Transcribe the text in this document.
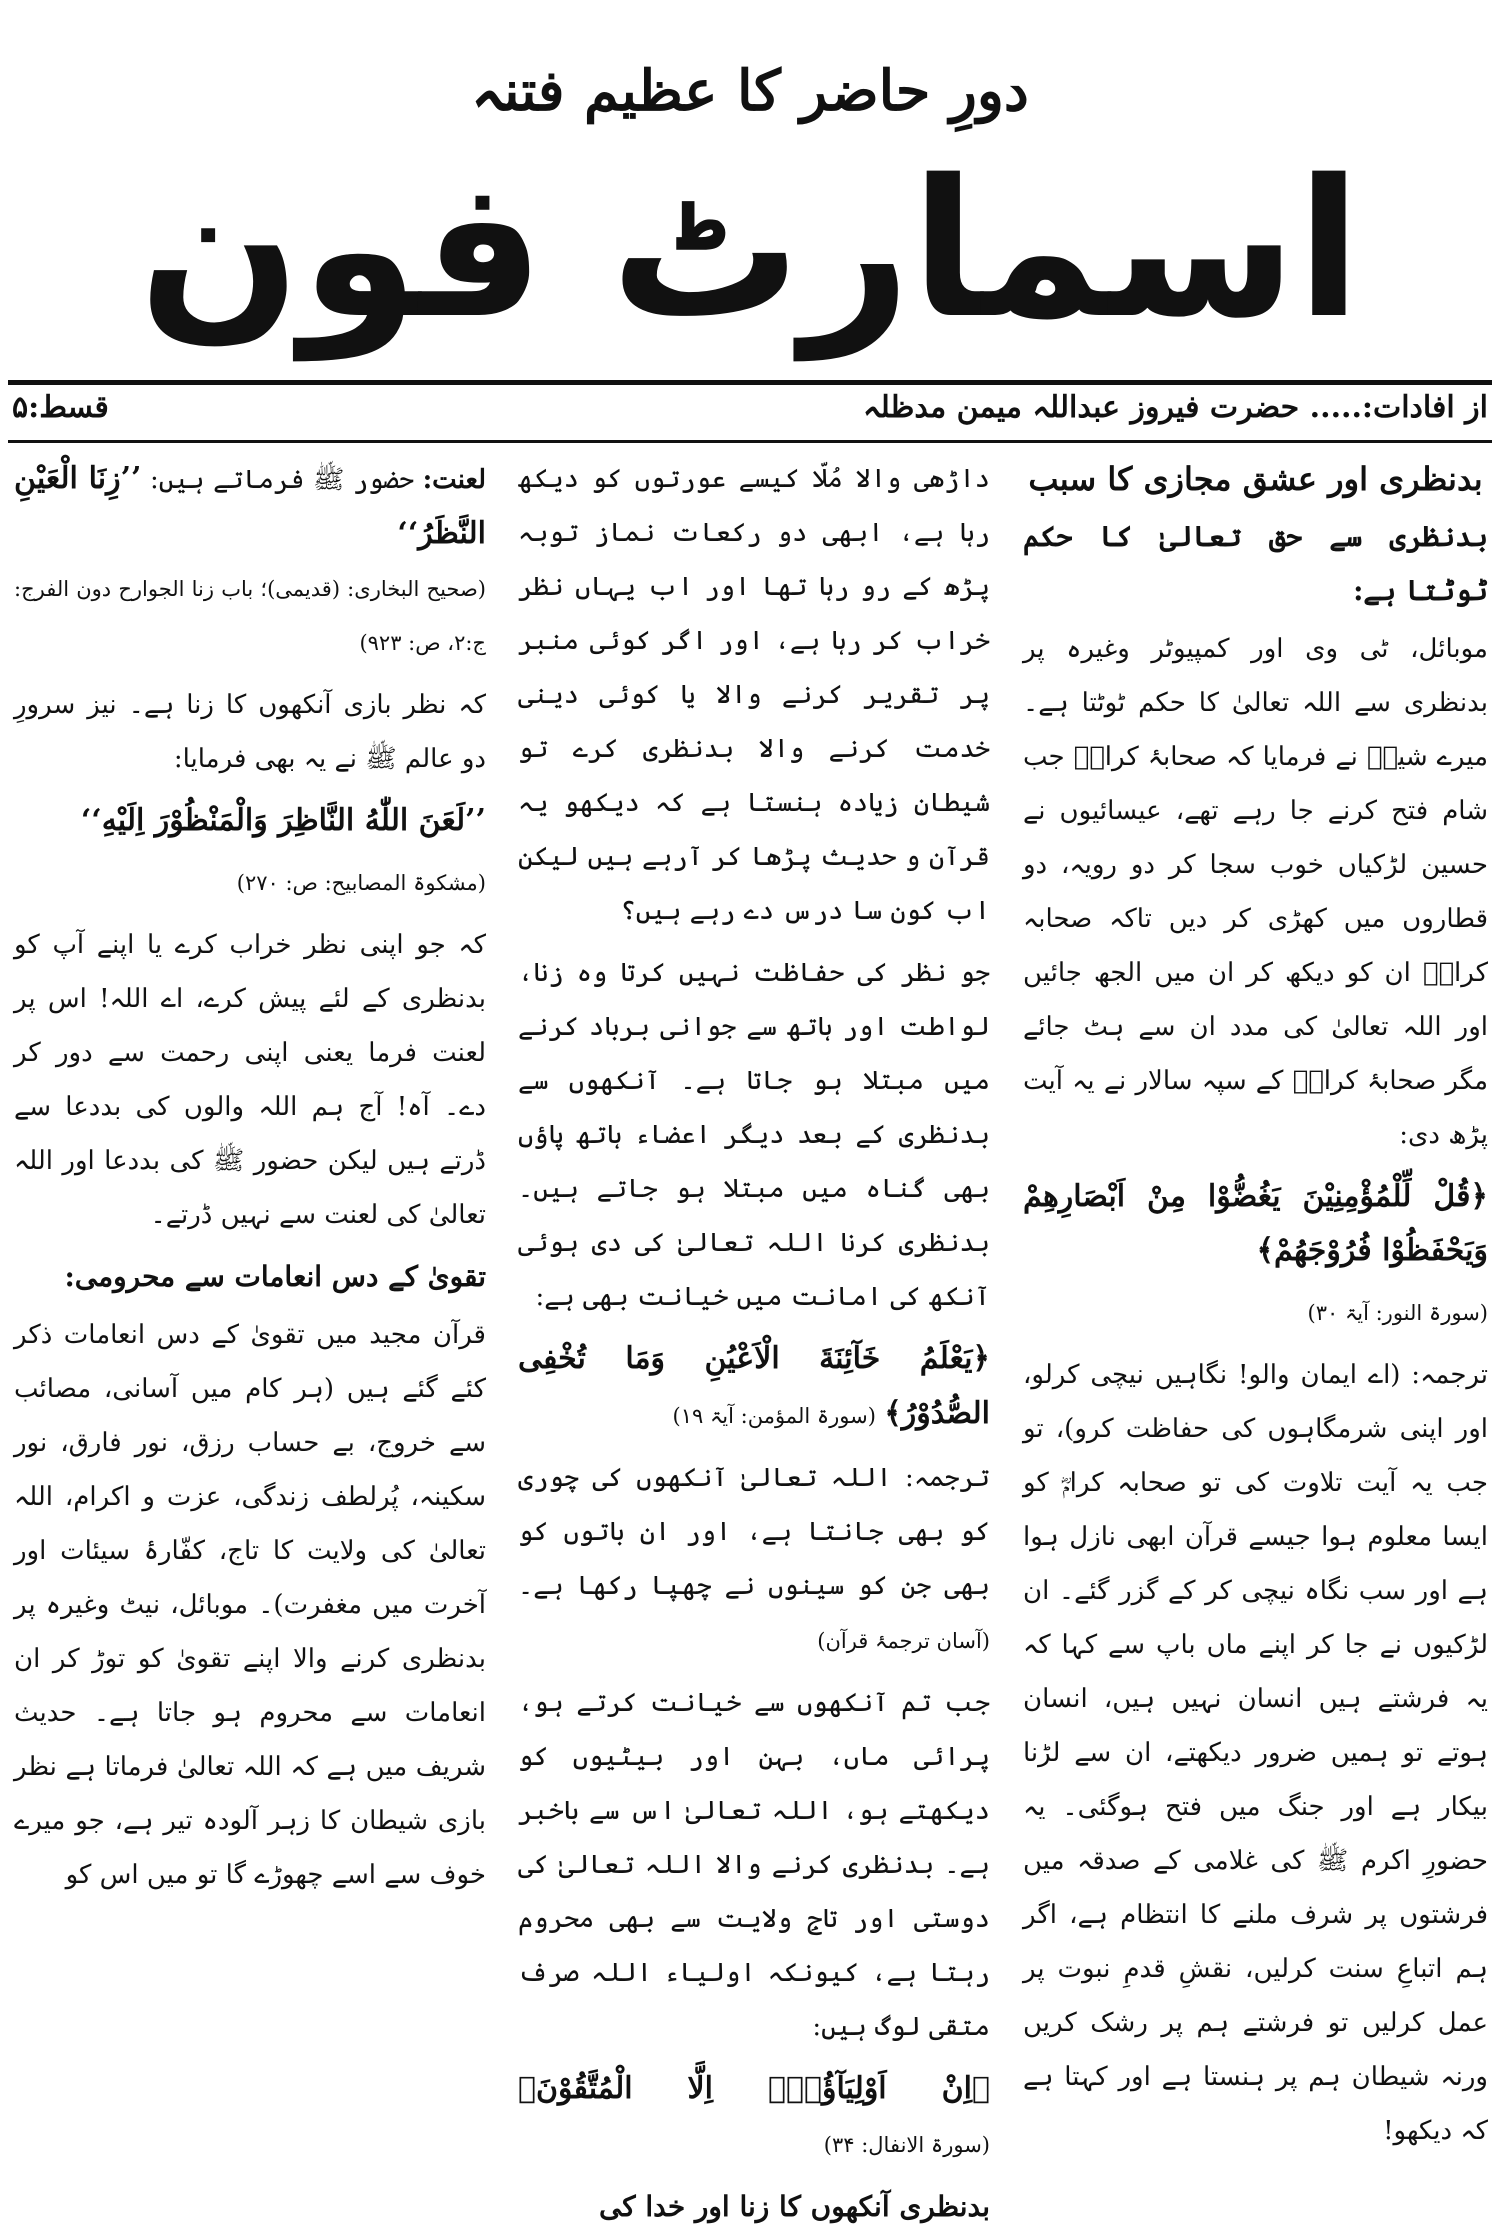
دورِ حاضر کا عظیم فتنہ
اسمارٹ فون
قسط:۵	از افادات:..... حضرت فیروز عبداللہ میمن مدظلہ

بدنظری اور عشق مجازی کا سبب

بدنظری سے حق تعالیٰ کا حکم ٹوٹتا ہے:

موبائل، ٹی وی اور کمپیوٹر وغیرہ پر بدنظری سے اللہ تعالیٰ کا حکم ٹوٹتا ہے۔ میرے شیخؒ نے فرمایا کہ صحابۂ کرامؓ جب شام فتح کرنے جا رہے تھے، عیسائیوں نے حسین لڑکیاں خوب سجا کر دو رویہ، دو قطاروں میں کھڑی کر دیں تاکہ صحابہ کرامؓ ان کو دیکھ کر ان میں الجھ جائیں اور اللہ تعالیٰ کی مدد ان سے ہٹ جائے مگر صحابۂ کرامؓ کے سپہ سالار نے یہ آیت پڑھ دی:

﴿قُلْ لِّلْمُؤْمِنِيْنَ يَغُضُّوْا مِنْ اَبْصَارِهِمْ وَيَحْفَظُوْا فُرُوْجَهُمْ﴾

(سورۃ النور: آیۃ ۳۰)

ترجمہ: (اے ایمان والو! نگاہیں نیچی کرلو، اور اپنی شرمگاہوں کی حفاظت کرو)، تو جب یہ آیت تلاوت کی تو صحابہ کرامؓ کو ایسا معلوم ہوا جیسے قرآن ابھی نازل ہوا ہے اور سب نگاہ نیچی کر کے گزر گئے۔ ان لڑکیوں نے جا کر اپنے ماں باپ سے کہا کہ یہ فرشتے ہیں انسان نہیں ہیں، انسان ہوتے تو ہمیں ضرور دیکھتے، ان سے لڑنا بیکار ہے اور جنگ میں فتح ہوگئی۔ یہ حضورِ اکرم ﷺ کی غلامی کے صدقہ میں فرشتوں پر شرف ملنے کا انتظام ہے، اگر ہم اتباعِ سنت کرلیں، نقشِ قدمِ نبوت پر عمل کرلیں تو فرشتے ہم پر رشک کریں ورنہ شیطان ہم پر ہنستا ہے اور کہتا ہے کہ دیکھو!

داڑھی والا مُلّا کیسے عورتوں کو دیکھ رہا ہے، ابھی دو رکعات نماز توبہ پڑھ کے رو رہا تھا اور اب یہاں نظر خراب کر رہا ہے، اور اگر کوئی منبر پر تقریر کرنے والا یا کوئی دینی خدمت کرنے والا بدنظری کرے تو شیطان زیادہ ہنستا ہے کہ دیکھو یہ قرآن و حدیث پڑھا کر آرہے ہیں لیکن اب کون سا درس دے رہے ہیں؟

جو نظر کی حفاظت نہیں کرتا وہ زنا، لواطت اور ہاتھ سے جوانی برباد کرنے میں مبتلا ہو جاتا ہے۔ آنکھوں سے بدنظری کے بعد دیگر اعضاء ہاتھ پاؤں بھی گناہ میں مبتلا ہو جاتے ہیں۔ بدنظری کرنا اللہ تعالیٰ کی دی ہوئی آنکھ کی امانت میں خیانت بھی ہے:

﴿يَعْلَمُ خَآئِنَةَ الْاَعْيُنِ وَمَا تُخْفِى الصُّدُوْرُ﴾ (سورۃ المؤمن: آیۃ ۱۹)

ترجمہ: اللہ تعالیٰ آنکھوں کی چوری کو بھی جانتا ہے، اور ان باتوں کو بھی جن کو سینوں نے چھپا رکھا ہے۔ (آسان ترجمۂ قرآن)

جب تم آنکھوں سے خیانت کرتے ہو، پرائی ماں، بہن اور بیٹیوں کو دیکھتے ہو، اللہ تعالیٰ اس سے باخبر ہے۔ بدنظری کرنے والا اللہ تعالیٰ کی دوستی اور تاجِ ولایت سے بھی محروم رہتا ہے، کیونکہ اولیاء اللہ صرف متقی لوگ ہیں:

﴿اِنْ اَوْلِيَآؤُهٗۤ اِلَّا الْمُتَّقُوْنَ﴾ (سورۃ الانفال: ۳۴)

بدنظری آنکھوں کا زنا اور خدا کی

لعنت: حضور ﷺ فرماتے ہیں: ’’زِنَا الْعَيْنِ النَّظَرُ‘‘ (صحیح البخاری: (قدیمی)؛ باب زنا الجوارح دون الفرج: ج:۲، ص: ۹۲۳)

کہ نظر بازی آنکھوں کا زنا ہے۔ نیز سرورِ دو عالم ﷺ نے یہ بھی فرمایا:

’’لَعَنَ اللّٰهُ النَّاظِرَ وَالْمَنْظُوْرَ اِلَيْهِ‘‘

(مشکوۃ المصابیح: ص: ۲۷۰)

کہ جو اپنی نظر خراب کرے یا اپنے آپ کو بدنظری کے لئے پیش کرے، اے اللہ! اس پر لعنت فرما یعنی اپنی رحمت سے دور کر دے۔ آہ! آج ہم اللہ والوں کی بددعا سے ڈرتے ہیں لیکن حضور ﷺ کی بددعا اور اللہ تعالیٰ کی لعنت سے نہیں ڈرتے۔

تقویٰ کے دس انعامات سے محرومی:

قرآن مجید میں تقویٰ کے دس انعامات ذکر کئے گئے ہیں (ہر کام میں آسانی، مصائب سے خروج، بے حساب رزق، نور فارق، نور سکینہ، پُرلطف زندگی، عزت و اکرام، اللہ تعالیٰ کی ولایت کا تاج، کفّارۂ سیئات اور آخرت میں مغفرت)۔ موبائل، نیٹ وغیرہ پر بدنظری کرنے والا اپنے تقویٰ کو توڑ کر ان انعامات سے محروم ہو جاتا ہے۔ حدیث شریف میں ہے کہ اللہ تعالیٰ فرماتا ہے نظر بازی شیطان کا زہر آلودہ تیر ہے، جو میرے خوف سے اسے چھوڑے گا تو میں اس کو
